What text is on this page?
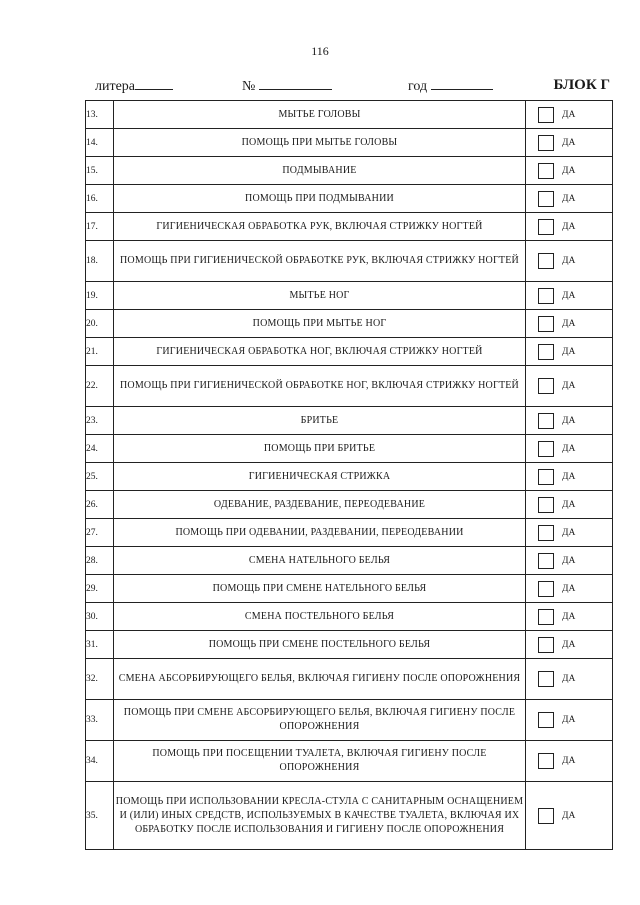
116
литера	№	год	БЛОК Г
13.	МЫТЬЕ ГОЛОВЫ	ДА

14.	ПОМОЩЬ ПРИ МЫТЬЕ ГОЛОВЫ	ДА

15.	ПОДМЫВАНИЕ	ДА

16.	ПОМОЩЬ ПРИ ПОДМЫВАНИИ	ДА

17.	ГИГИЕНИЧЕСКАЯ ОБРАБОТКА РУК, ВКЛЮЧАЯ СТРИЖКУ НОГТЕЙ	ДА

18.	ПОМОЩЬ ПРИ ГИГИЕНИЧЕСКОЙ ОБРАБОТКЕ РУК, ВКЛЮЧАЯ СТРИЖКУ НОГТЕЙ	ДА

19.	МЫТЬЕ НОГ	ДА

20.	ПОМОЩЬ ПРИ МЫТЬЕ НОГ	ДА

21.	ГИГИЕНИЧЕСКАЯ ОБРАБОТКА НОГ, ВКЛЮЧАЯ СТРИЖКУ НОГТЕЙ	ДА

22.	ПОМОЩЬ ПРИ ГИГИЕНИЧЕСКОЙ ОБРАБОТКЕ НОГ, ВКЛЮЧАЯ СТРИЖКУ НОГТЕЙ	ДА

23.	БРИТЬЕ	ДА

24.	ПОМОЩЬ ПРИ БРИТЬЕ	ДА

25.	ГИГИЕНИЧЕСКАЯ СТРИЖКА	ДА

26.	ОДЕВАНИЕ, РАЗДЕВАНИЕ, ПЕРЕОДЕВАНИЕ	ДА

27.	ПОМОЩЬ ПРИ ОДЕВАНИИ, РАЗДЕВАНИИ, ПЕРЕОДЕВАНИИ	ДА

28.	СМЕНА НАТЕЛЬНОГО БЕЛЬЯ	ДА

29.	ПОМОЩЬ ПРИ СМЕНЕ НАТЕЛЬНОГО БЕЛЬЯ	ДА

30.	СМЕНА ПОСТЕЛЬНОГО БЕЛЬЯ	ДА

31.	ПОМОЩЬ ПРИ СМЕНЕ ПОСТЕЛЬНОГО БЕЛЬЯ	ДА

32.	СМЕНА АБСОРБИРУЮЩЕГО БЕЛЬЯ, ВКЛЮЧАЯ ГИГИЕНУ ПОСЛЕ ОПОРОЖНЕНИЯ	ДА

33.	ПОМОЩЬ ПРИ СМЕНЕ АБСОРБИРУЮЩЕГО БЕЛЬЯ, ВКЛЮЧАЯ ГИГИЕНУ ПОСЛЕ ОПОРОЖНЕНИЯ	ДА

34.	ПОМОЩЬ ПРИ ПОСЕЩЕНИИ ТУАЛЕТА, ВКЛЮЧАЯ ГИГИЕНУ ПОСЛЕ ОПОРОЖНЕНИЯ	ДА

35.	ПОМОЩЬ ПРИ ИСПОЛЬЗОВАНИИ КРЕСЛА-СТУЛА С САНИТАРНЫМ ОСНАЩЕНИЕМ И (ИЛИ) ИНЫХ СРЕДСТВ, ИСПОЛЬЗУЕМЫХ В КАЧЕСТВЕ ТУАЛЕТА, ВКЛЮЧАЯ ИХ ОБРАБОТКУ ПОСЛЕ ИСПОЛЬЗОВАНИЯ И ГИГИЕНУ ПОСЛЕ ОПОРОЖНЕНИЯ	ДА
